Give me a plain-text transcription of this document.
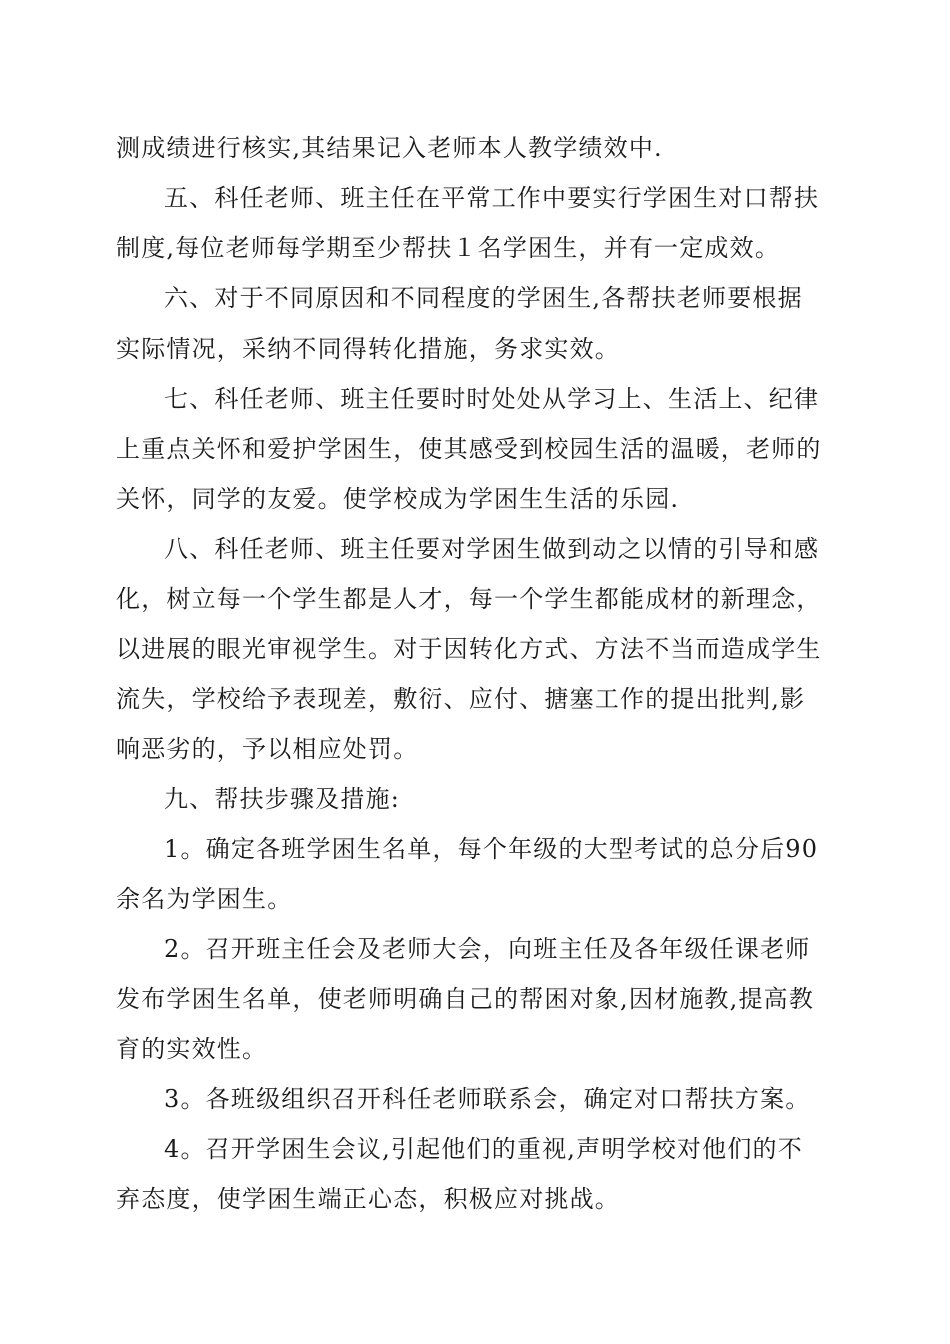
测成绩进行核实,其结果记入老师本人教学绩效中.
五、科任老师、班主任在平常工作中要实行学困生对口帮扶
制度,每位老师每学期至少帮扶１名学困生，并有一定成效。
六、对于不同原因和不同程度的学困生,各帮扶老师要根据
实际情况，采纳不同得转化措施，务求实效。
七、科任老师、班主任要时时处处从学习上、生活上、纪律
上重点关怀和爱护学困生，使其感受到校园生活的温暖，老师的
关怀，同学的友爱。使学校成为学困生生活的乐园.
八、科任老师、班主任要对学困生做到动之以情的引导和感
化，树立每一个学生都是人才，每一个学生都能成材的新理念，
以进展的眼光审视学生。对于因转化方式、方法不当而造成学生
流失，学校给予表现差，敷衍、应付、搪塞工作的提出批判,影
响恶劣的，予以相应处罚。
九、帮扶步骤及措施:
1。确定各班学困生名单，每个年级的大型考试的总分后90
余名为学困生。
2。召开班主任会及老师大会，向班主任及各年级任课老师
发布学困生名单，使老师明确自己的帮困对象,因材施教,提高教
育的实效性。
3。各班级组织召开科任老师联系会，确定对口帮扶方案。
4。召开学困生会议,引起他们的重视,声明学校对他们的不
弃态度，使学困生端正心态，积极应对挑战。
